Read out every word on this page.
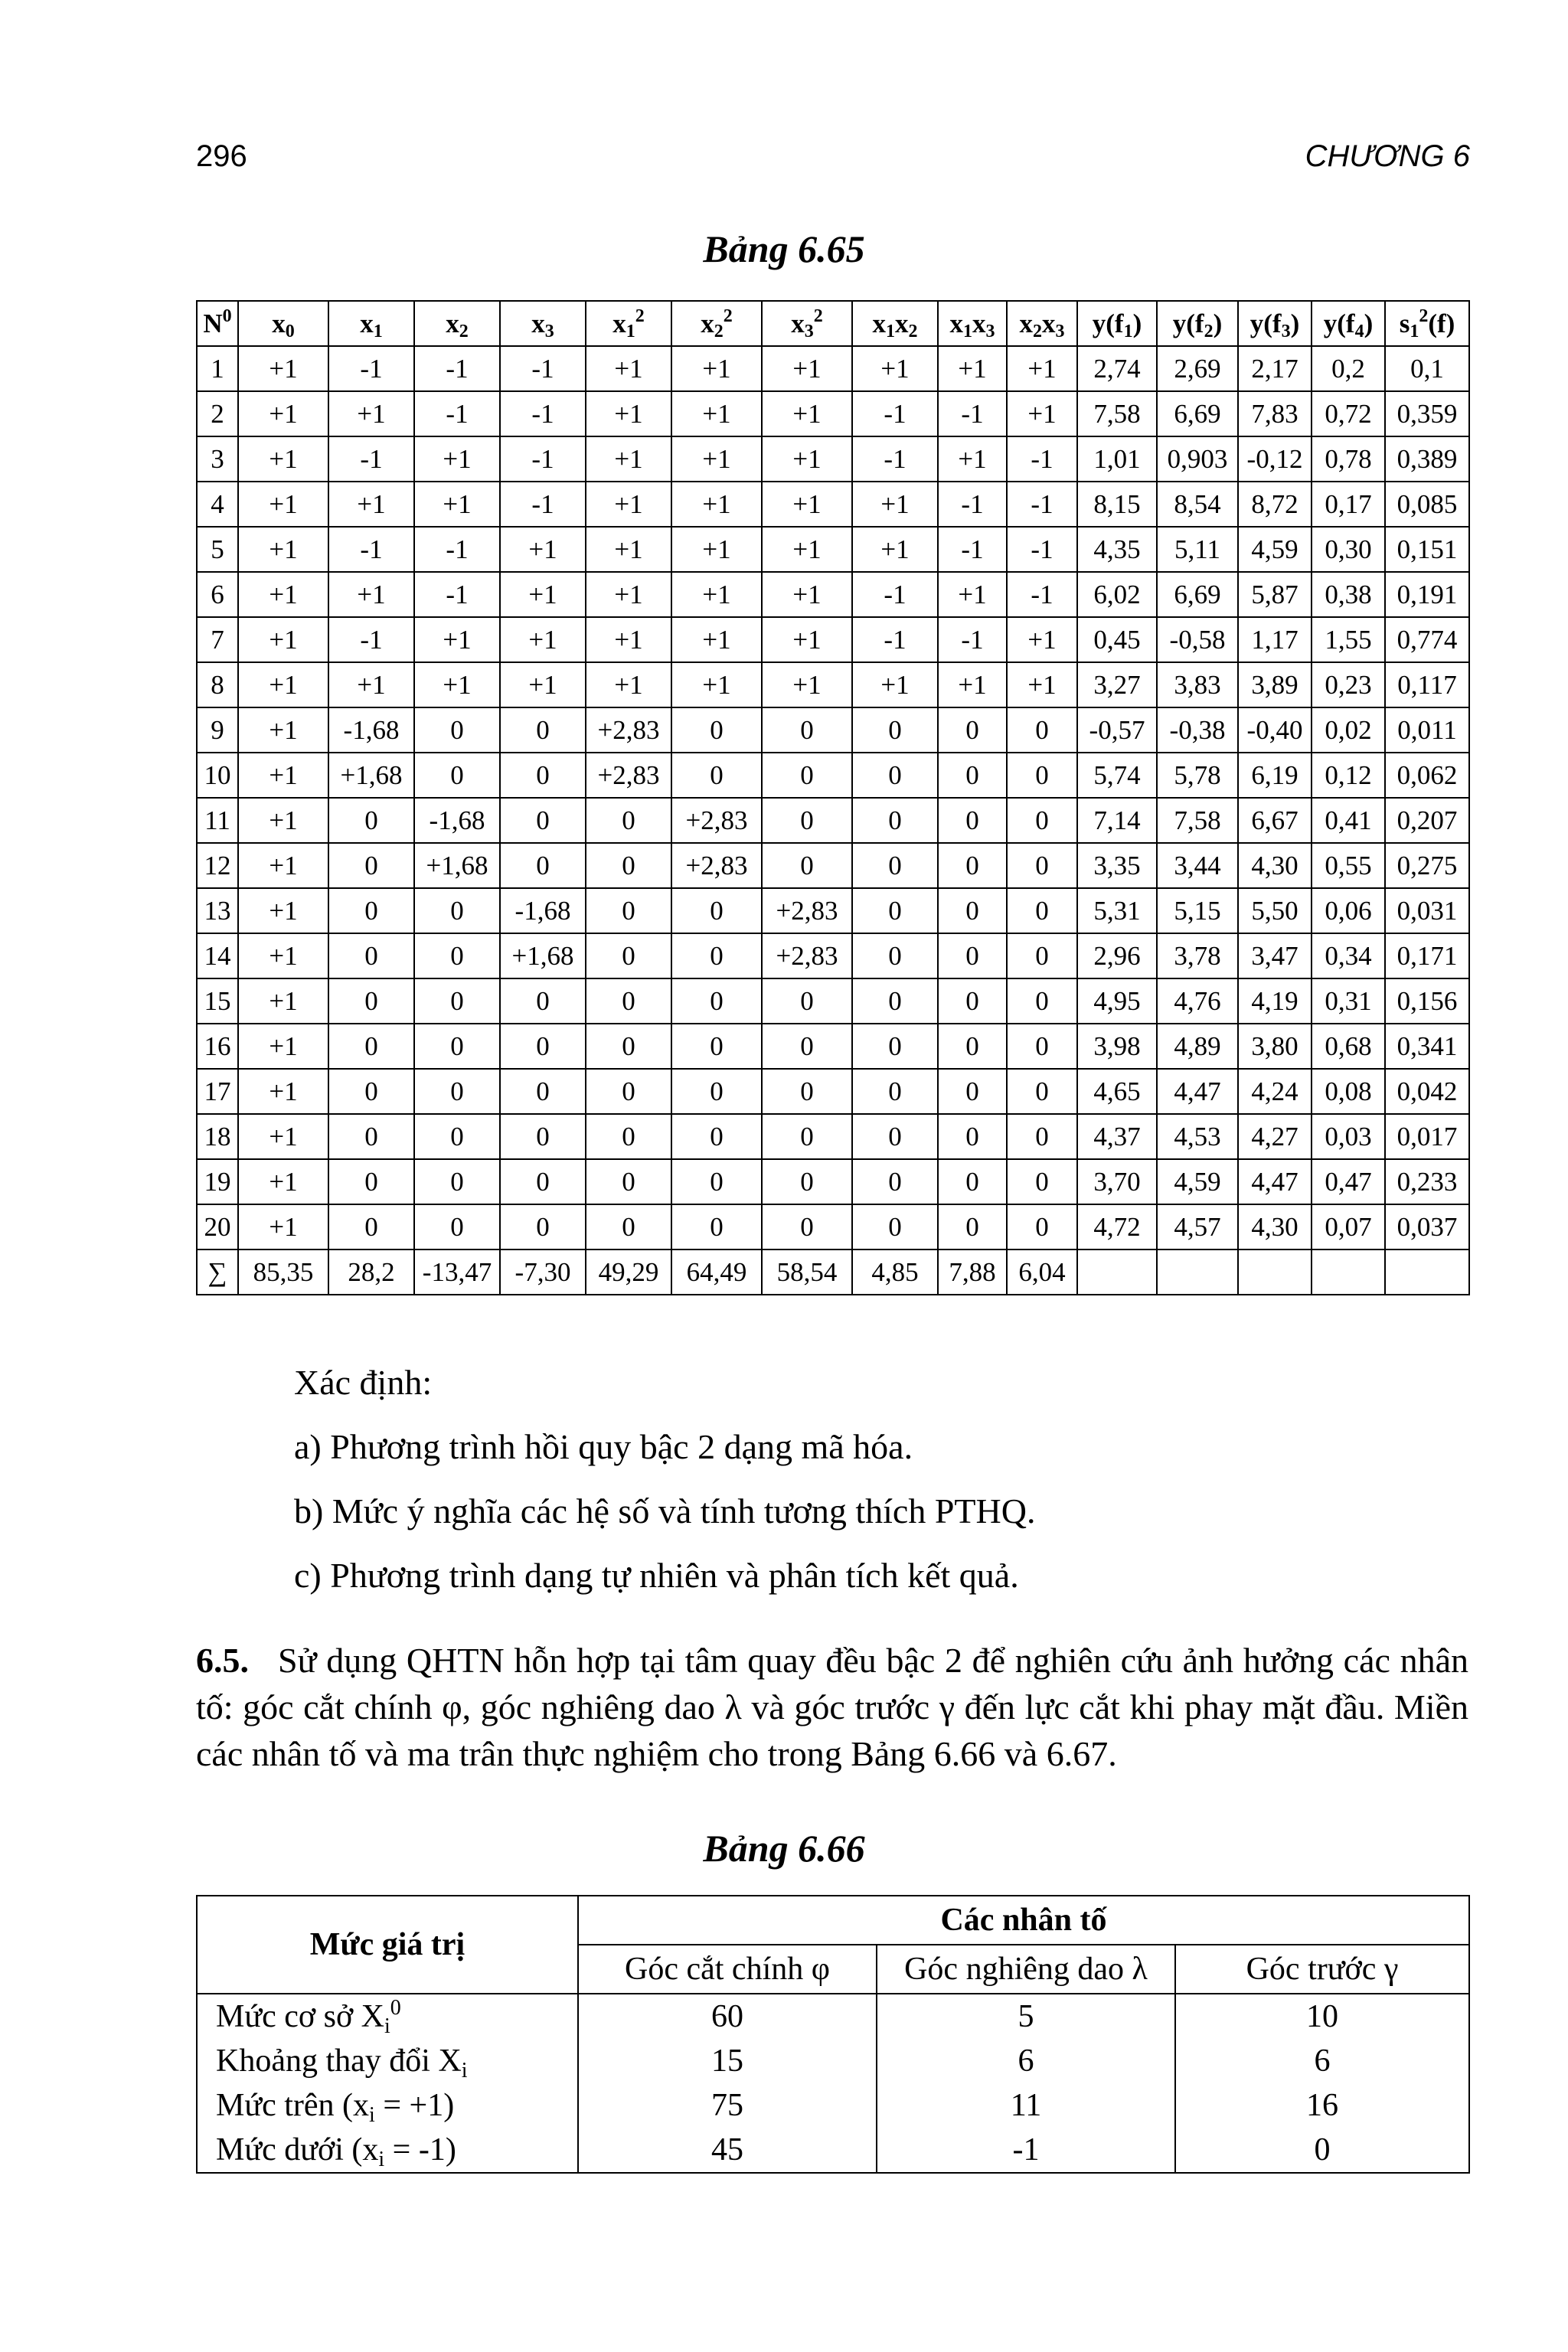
296	CHƯƠNG 6
Bảng 6.65
$N^0$	$x_0$	$x_1$	$x_2$	$x_3$	$x_1^2$	$x_2^2$	$x_3^2$	$x_1x_2$	$x_1x_3$	$x_2x_3$	$y(f_1)$	$y(f_2)$	$y(f_3)$	$y(f_4)$	$s_1^2(f)$
1	+1	-1	-1	-1	+1	+1	+1	+1	+1	+1	2,74	2,69	2,17	0,2	0,1
2	+1	+1	-1	-1	+1	+1	+1	-1	-1	+1	7,58	6,69	7,83	0,72	0,359
3	+1	-1	+1	-1	+1	+1	+1	-1	+1	-1	1,01	0,903	-0,12	0,78	0,389
4	+1	+1	+1	-1	+1	+1	+1	+1	-1	-1	8,15	8,54	8,72	0,17	0,085
5	+1	-1	-1	+1	+1	+1	+1	+1	-1	-1	4,35	5,11	4,59	0,30	0,151
6	+1	+1	-1	+1	+1	+1	+1	-1	+1	-1	6,02	6,69	5,87	0,38	0,191
7	+1	-1	+1	+1	+1	+1	+1	-1	-1	+1	0,45	-0,58	1,17	1,55	0,774
8	+1	+1	+1	+1	+1	+1	+1	+1	+1	+1	3,27	3,83	3,89	0,23	0,117
9	+1	-1,68	0	0	+2,83	0	0	0	0	0	-0,57	-0,38	-0,40	0,02	0,011
10	+1	+1,68	0	0	+2,83	0	0	0	0	0	5,74	5,78	6,19	0,12	0,062
11	+1	0	-1,68	0	0	+2,83	0	0	0	0	7,14	7,58	6,67	0,41	0,207
12	+1	0	+1,68	0	0	+2,83	0	0	0	0	3,35	3,44	4,30	0,55	0,275
13	+1	0	0	-1,68	0	0	+2,83	0	0	0	5,31	5,15	5,50	0,06	0,031
14	+1	0	0	+1,68	0	0	+2,83	0	0	0	2,96	3,78	3,47	0,34	0,171
15	+1	0	0	0	0	0	0	0	0	0	4,95	4,76	4,19	0,31	0,156
16	+1	0	0	0	0	0	0	0	0	0	3,98	4,89	3,80	0,68	0,341
17	+1	0	0	0	0	0	0	0	0	0	4,65	4,47	4,24	0,08	0,042
18	+1	0	0	0	0	0	0	0	0	0	4,37	4,53	4,27	0,03	0,017
19	+1	0	0	0	0	0	0	0	0	0	3,70	4,59	4,47	0,47	0,233
20	+1	0	0	0	0	0	0	0	0	0	4,72	4,57	4,30	0,07	0,037
∑	85,35	28,2	-13,47	-7,30	49,29	64,49	58,54	4,85	7,88	6,04					

Xác định:

a) Phương trình hồi quy bậc 2 dạng mã hóa.

b) Mức ý nghĩa các hệ số và tính tương thích PTHQ.

c) Phương trình dạng tự nhiên và phân tích kết quả.

6.5. Sử dụng QHTN hỗn hợp tại tâm quay đều bậc 2 để nghiên cứu ảnh hưởng các nhân tố: góc cắt chính φ, góc nghiêng dao λ và góc trước γ đến lực cắt khi phay mặt đầu. Miền các nhân tố và ma trân thực nghiệm cho trong Bảng 6.66 và 6.67.
Bảng 6.66
Mức giá trị	Các nhân tố		
	Góc cắt chính φ	Góc nghiêng dao λ	Góc trước γ
Mức cơ sở $X_i^0$	60	5	10
Khoảng thay đổi $X_i$	15	6	6
Mức trên $(x_i = +1)$	75	11	16
Mức dưới $(x_i = -1)$	45	-1	0
